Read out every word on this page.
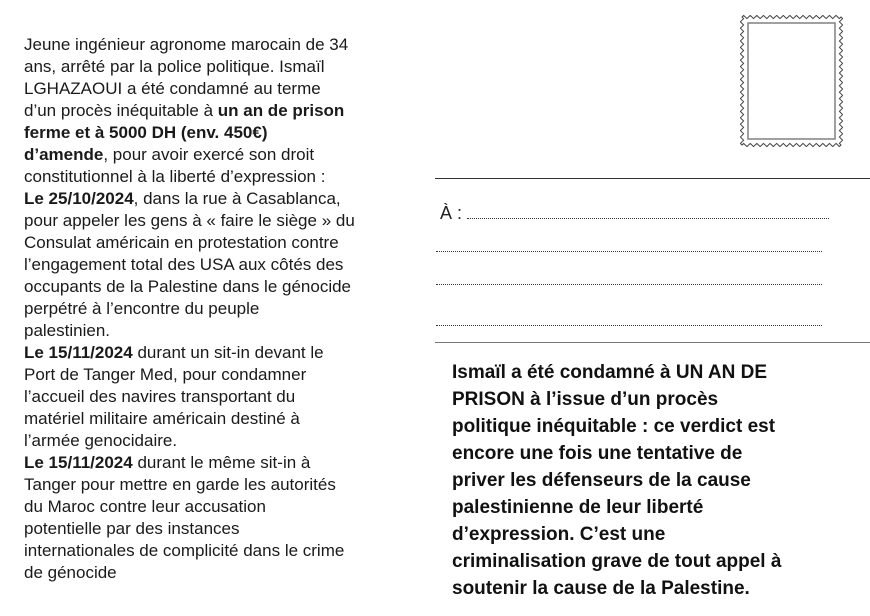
Jeune ingénieur agronome marocain de 34
ans, arrêté par la police politique. Ismaïl
LGHAZAOUI a été condamné au terme
d’un procès inéquitable à un an de prison
ferme et à 5000 DH (env. 450€)
d’amende, pour avoir exercé son droit
constitutionnel à la liberté d’expression :
Le 25/10/2024, dans la rue à Casablanca,
pour appeler les gens à « faire le siège » du
Consulat américain en protestation contre
l’engagement total des USA aux côtés des
occupants de la Palestine dans le génocide
perpétré à l’encontre du peuple
palestinien.
Le 15/11/2024 durant un sit-in devant le
Port de Tanger Med, pour condamner
l’accueil des navires transportant du
matériel militaire américain destiné à
l’armée genocidaire.
Le 15/11/2024 durant le même sit-in à
Tanger pour mettre en garde les autorités
du Maroc contre leur accusation
potentielle par des instances
internationales de complicité dans le crime
de génocide
À :
Ismaïl a été condamné à UN AN DE
PRISON à l’issue d’un procès
politique inéquitable : ce verdict est
encore une fois une tentative de
priver les défenseurs de la cause
palestinienne de leur liberté
d’expression. C’est une
criminalisation grave de tout appel à
soutenir la cause de la Palestine.
